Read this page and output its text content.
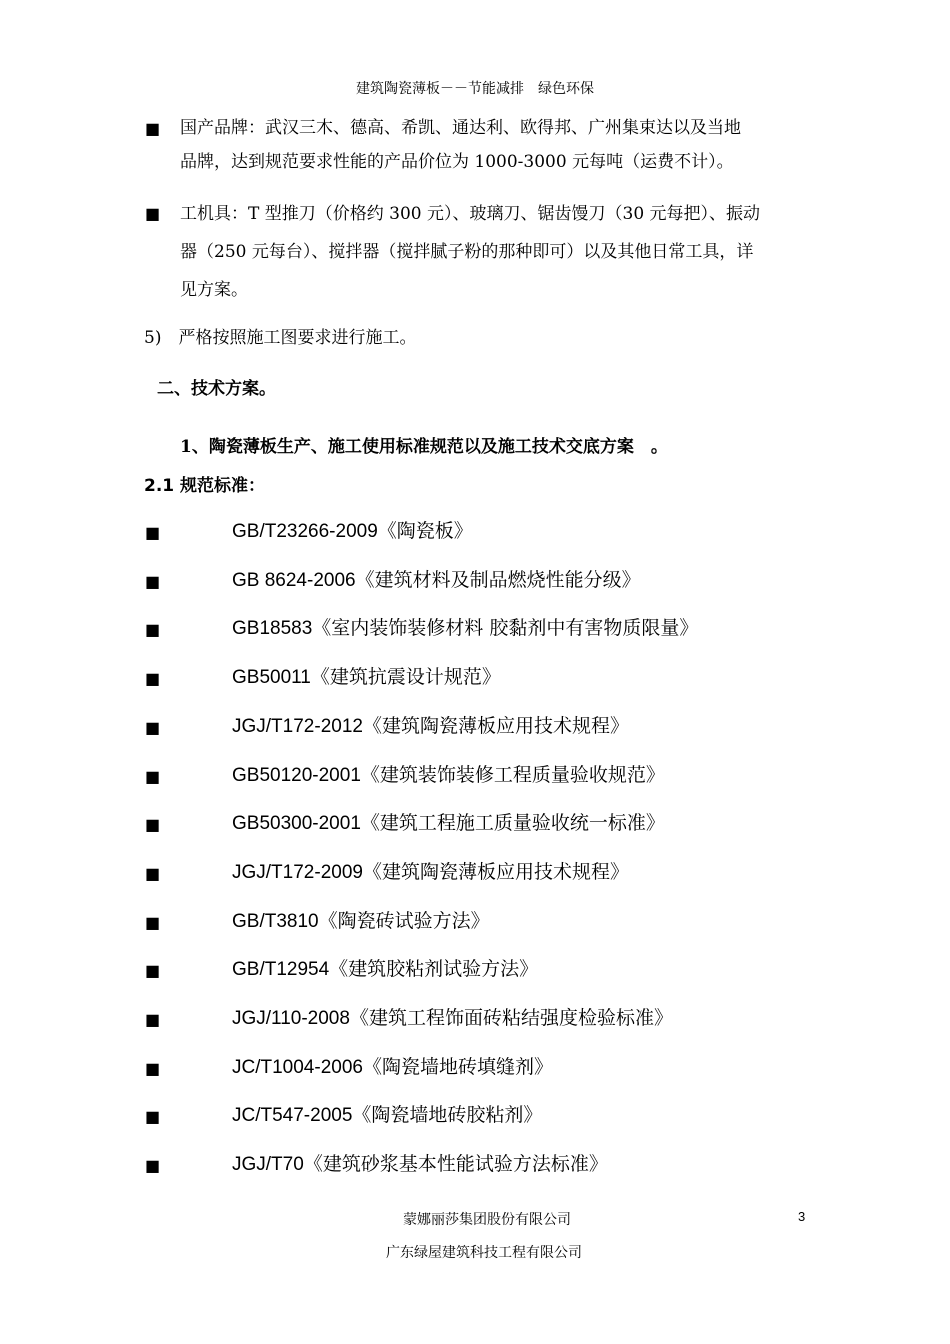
建筑陶瓷薄板－－节能减排　绿色环保
■ 国产品牌：武汉三木、德高、希凯、通达利、欧得邦、广州集束达以及当地
品牌，达到规范要求性能的产品价位为 1000-3000 元每吨（运费不计）。
■ 工机具：T 型推刀（价格约 300 元）、玻璃刀、锯齿馒刀（30 元每把）、振动
器（250 元每台）、搅拌器（搅拌腻子粉的那种即可）以及其他日常工具，详
见方案。
5)　严格按照施工图要求进行施工。
二、技术方案。
1、陶瓷薄板生产、施工使用标准规范以及施工技术交底方案　。
2.1 规范标准：
■	GB/T23266-2009《陶瓷板》
■	GB 8624-2006《建筑材料及制品燃烧性能分级》
■	GB18583《室内装饰装修材料 胶黏剂中有害物质限量》
■	GB50011《建筑抗震设计规范》
■	JGJ/T172-2012《建筑陶瓷薄板应用技术规程》
■	GB50120-2001《建筑装饰装修工程质量验收规范》
■	GB50300-2001《建筑工程施工质量验收统一标准》
■	JGJ/T172-2009《建筑陶瓷薄板应用技术规程》
■	GB/T3810《陶瓷砖试验方法》
■	GB/T12954《建筑胶粘剂试验方法》
■	JGJ/110-2008《建筑工程饰面砖粘结强度检验标准》
■	JC/T1004-2006《陶瓷墙地砖填缝剂》
■	JC/T547-2005《陶瓷墙地砖胶粘剂》
■	JGJ/T70《建筑砂浆基本性能试验方法标准》
蒙娜丽莎集团股份有限公司	3
广东绿屋建筑科技工程有限公司
